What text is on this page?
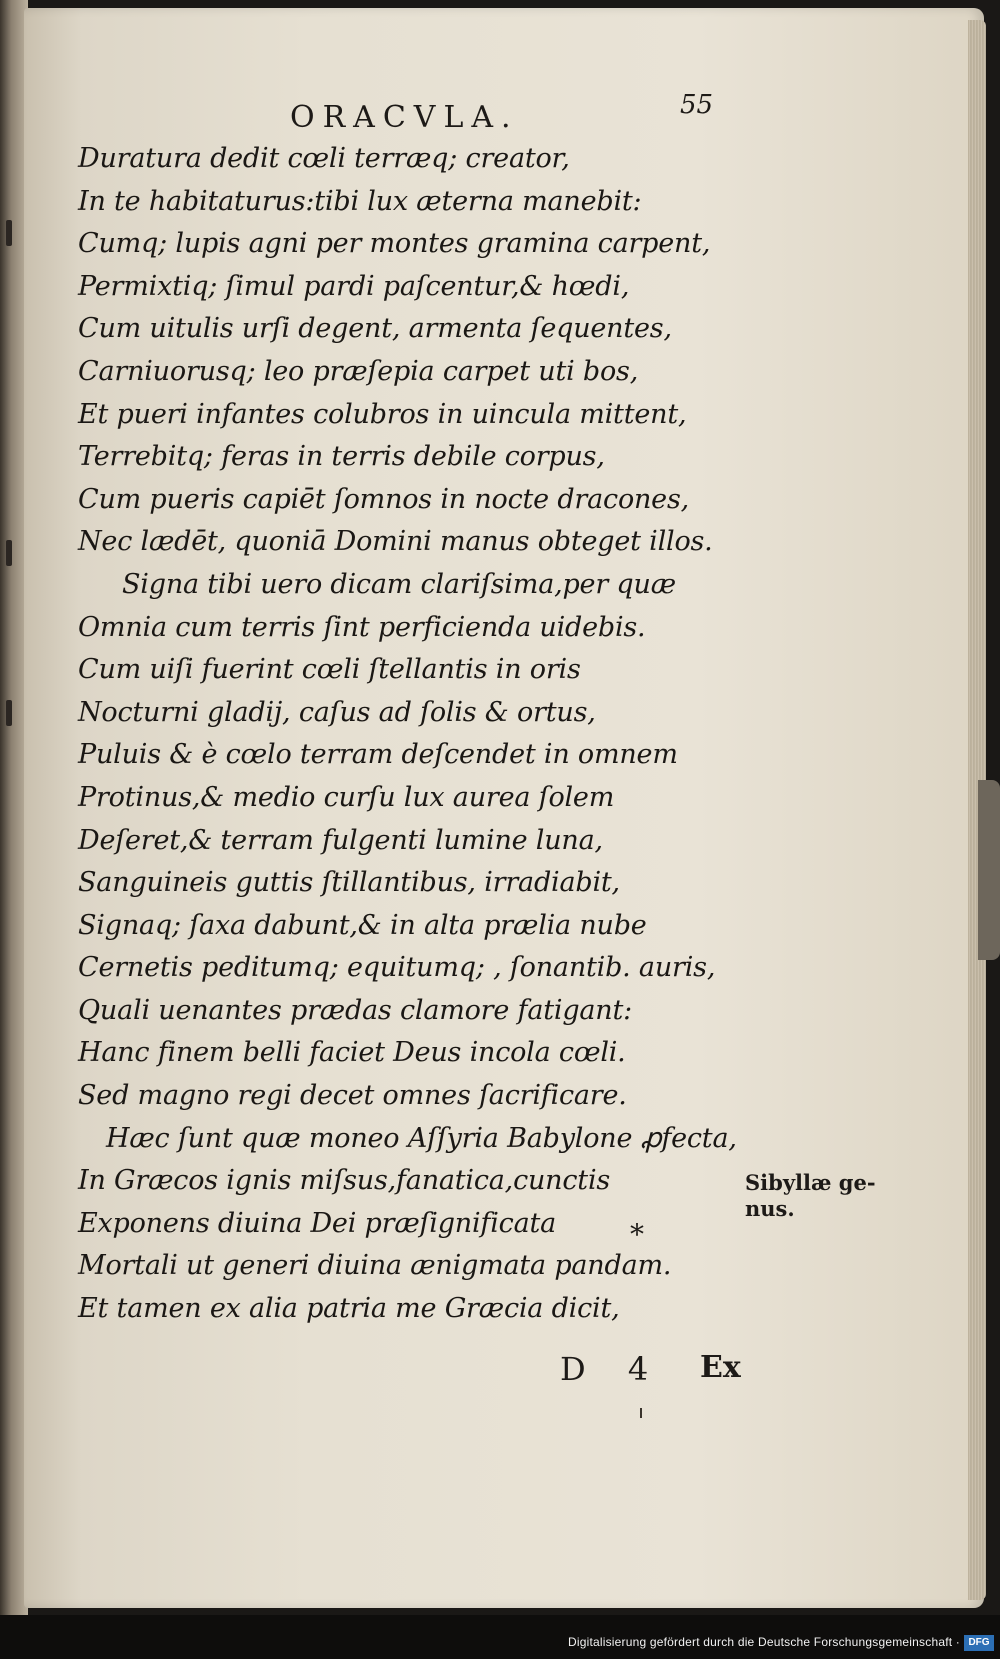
ORACVLA.	55
Duratura dedit cœli terræq; creator,
In te habitaturus:tibi lux æterna manebit:
Cumq; lupis agni per montes gramina carpent,
Permixtiq; ſimul pardi paſcentur,& hœdi,
Cum uitulis urſi degent, armenta ſequentes,
Carniuorusq; leo præſepia carpet uti bos,
Et pueri infantes colubros in uincula mittent,
Terrebitq; feras in terris debile corpus,
Cum pueris capiēt ſomnos in nocte dracones,
Nec lædēt, quoniā Domini manus obteget illos.
Signa tibi uero dicam clariſsima,per quæ
Omnia cum terris ſint perficienda uidebis.
Cum uiſi fuerint cœli ſtellantis in oris
Nocturni gladij, caſus ad ſolis & ortus,
Puluis & è cœlo terram deſcendet in omnem
Protinus,& medio curſu lux aurea ſolem
Deſeret,& terram fulgenti lumine luna,
Sanguineis guttis ſtillantibus, irradiabit,
Signaq; ſaxa dabunt,& in alta prælia nube
Cernetis peditumq; equitumq; , ſonantib. auris,
Quali uenantes prædas clamore fatigant:
Hanc finem belli faciet Deus incola cœli.
Sed magno regi decet omnes ſacrificare.
Hæc ſunt quæ moneo Aſſyria Babylone ꝓfecta,
In Græcos ignis miſsus,fanatica,cunctis
Exponens diuina Dei præſignificata
Mortali ut generi diuina ænigmata pandam.
Et tamen ex alia patria me Græcia dicit,
Sibyllæ ge-
nus.
*
D 4 Ex
Digitalisierung gefördert durch die Deutsche Forschungsgemeinschaft · DFG
